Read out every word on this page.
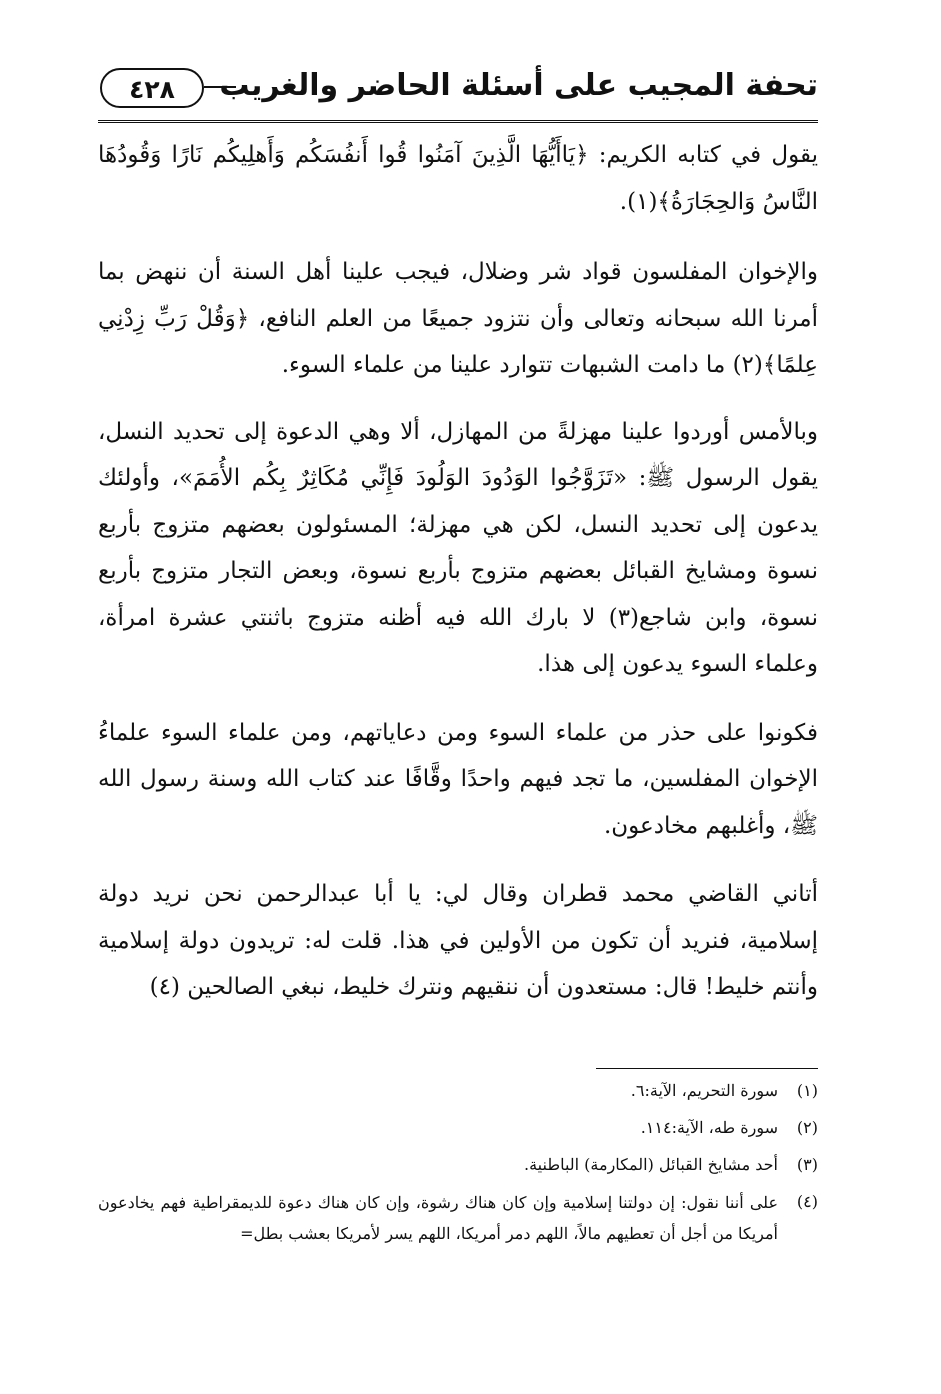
تحفة المجيب على أسئلة الحاضر والغريب
٤٢٨

يقول في كتابه الكريم: ﴿يَاأَيُّهَا الَّذِينَ آمَنُوا قُوا أَنفُسَكُم وَأَهلِيكُم نَارًا وَقُودُهَا النَّاسُ وَالحِجَارَةُ﴾(١).

والإخوان المفلسون قواد شر وضلال، فيجب علينا أهل السنة أن ننهض بما أمرنا الله سبحانه وتعالى وأن نتزود جميعًا من العلم النافع، ﴿وَقُلْ رَبِّ زِدْنِي عِلمًا﴾(٢) ما دامت الشبهات تتوارد علينا من علماء السوء.

وبالأمس أوردوا علينا مهزلةً من المهازل، ألا وهي الدعوة إلى تحديد النسل، يقول الرسول ﷺ: «تَزَوَّجُوا الوَدُودَ الوَلُودَ فَإِنِّي مُكَاثِرٌ بِكُم الأُمَمَ»، وأولئك يدعون إلى تحديد النسل، لكن هي مهزلة؛ المسئولون بعضهم متزوج بأربع نسوة ومشايخ القبائل بعضهم متزوج بأربع نسوة، وبعض التجار متزوج بأربع نسوة، وابن شاجع(٣) لا بارك الله فيه أظنه متزوج باثنتي عشرة امرأة، وعلماء السوء يدعون إلى هذا.

فكونوا على حذر من علماء السوء ومن دعاياتهم، ومن علماء السوء علماءُ الإخوان المفلسين، ما تجد فيهم واحدًا وقَّافًا عند كتاب الله وسنة رسول الله ﷺ، وأغلبهم مخادعون.

أتاني القاضي محمد قطران وقال لي: يا أبا عبدالرحمن نحن نريد دولة إسلامية، فنريد أن تكون من الأولين في هذا. قلت له: تريدون دولة إسلامية وأنتم خليط! قال: مستعدون أن ننقيهم ونترك خليط، نبغي الصالحين (٤)

(١)
سورة التحريم، الآية:٦.
(٢)
سورة طه، الآية:١١٤.
(٣)
أحد مشايخ القبائل (المكارمة) الباطنية.
(٤)
على أننا نقول: إن دولتنا إسلامية وإن كان هناك رشوة، وإن كان هناك دعوة للديمقراطية فهم يخادعون أمريكا من أجل أن تعطيهم مالاً، اللهم دمر أمريكا، اللهم يسر لأمريكا بعشب بطل=
